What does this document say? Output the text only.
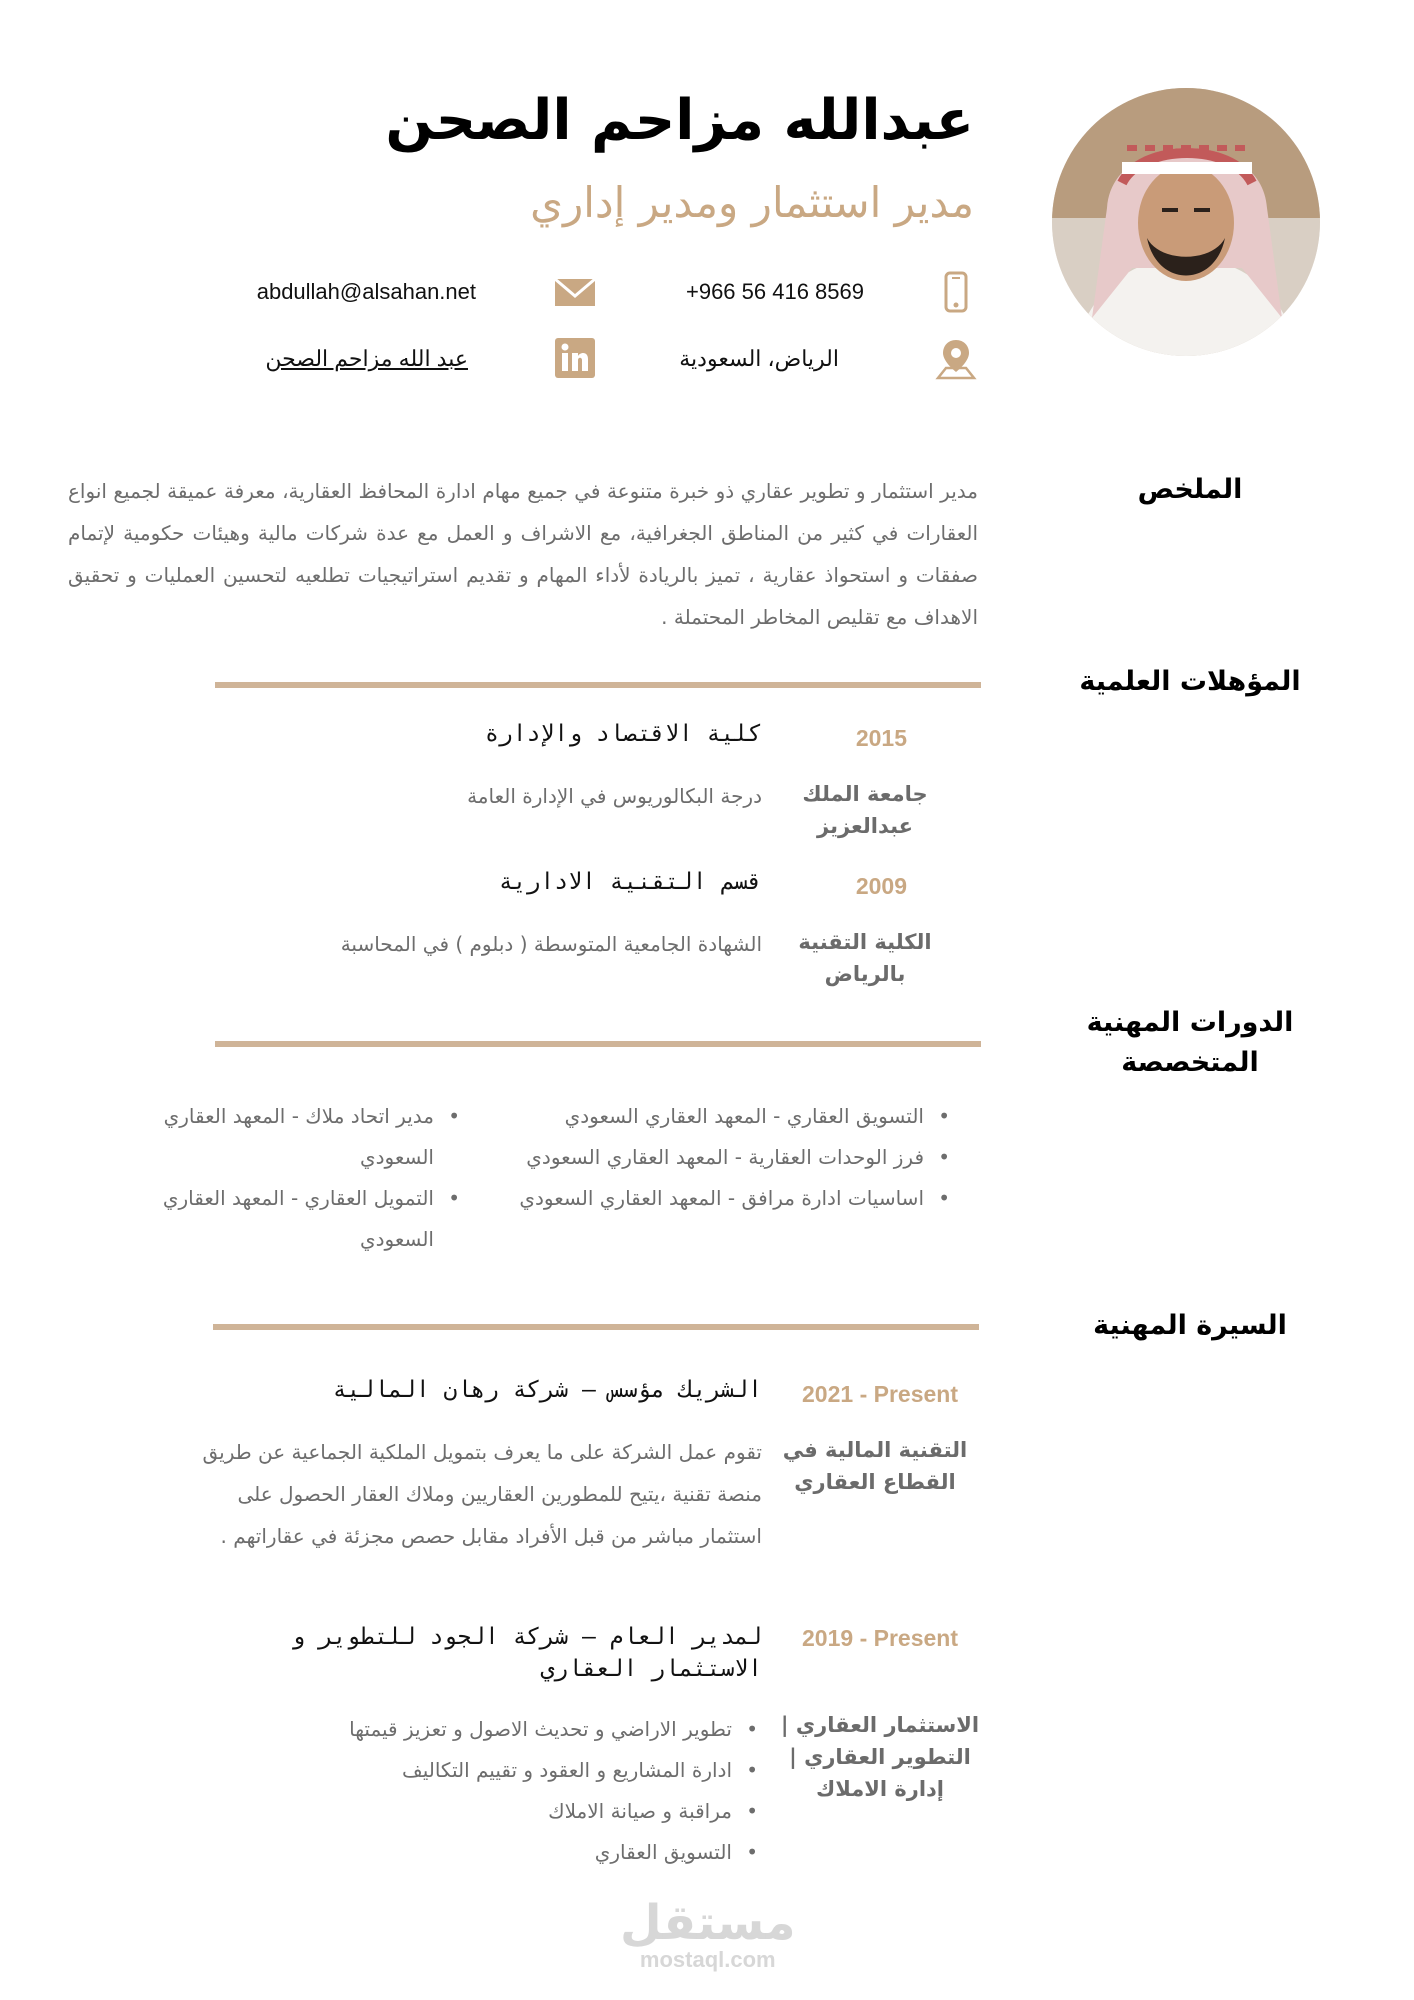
عبدالله مزاحم الصحن
مدير استثمار ومدير إداري
+966 56 416 8569
abdullah@alsahan.net
الرياض، السعودية
عبد الله مزاحم الصحن
الملخص
مدير استثمار و تطوير عقاري ذو خبرة متنوعة في جميع مهام ادارة المحافظ العقارية، معرفة عميقة لجميع انواع العقارات في كثير من المناطق الجغرافية، مع الاشراف و العمل مع عدة شركات مالية وهيئات حكومية لإتمام صفقات و استحواذ عقارية ، تميز بالريادة لأداء المهام و تقديم استراتيجيات تطلعيه لتحسين العمليات و تحقيق الاهداف مع تقليص المخاطر المحتملة .
المؤهلات العلمية
2015
كلية الاقتصاد والإدارة
جامعة الملك عبدالعزيز
درجة البكالوريوس في الإدارة العامة
2009
قسم التقنية الادارية
الكلية التقنية بالرياض
الشهادة الجامعية المتوسطة ( دبلوم ) في المحاسبة
الدورات المهنية المتخصصة
• التسويق العقاري - المعهد العقاري السعودي
• فرز الوحدات العقارية - المعهد العقاري السعودي
• اساسيات ادارة مرافق - المعهد العقاري السعودي
• مدير اتحاد ملاك - المعهد العقاري السعودي
• التمويل العقاري - المعهد العقاري السعودي
السيرة المهنية
2021 - Present
الشريك مؤسس – شركة رهان المالية
التقنية المالية في القطاع العقاري
تقوم عمل الشركة على ما يعرف بتمويل الملكية الجماعية عن طريق منصة تقنية ،يتيح للمطورين العقاريين وملاك العقار الحصول على استثمار مباشر من قبل الأفراد مقابل حصص مجزئة في عقاراتهم .
2019 - Present
لمدير العام – شركة الجود للتطوير و الاستثمار العقاري
الاستثمار العقاري | التطوير العقاري | إدارة الاملاك
• تطوير الاراضي و تحديث الاصول و تعزيز قيمتها
• ادارة المشاريع و العقود و تقييم التكاليف
• مراقبة و صيانة الاملاك
• التسويق العقاري
مستقل
mostaql.com
